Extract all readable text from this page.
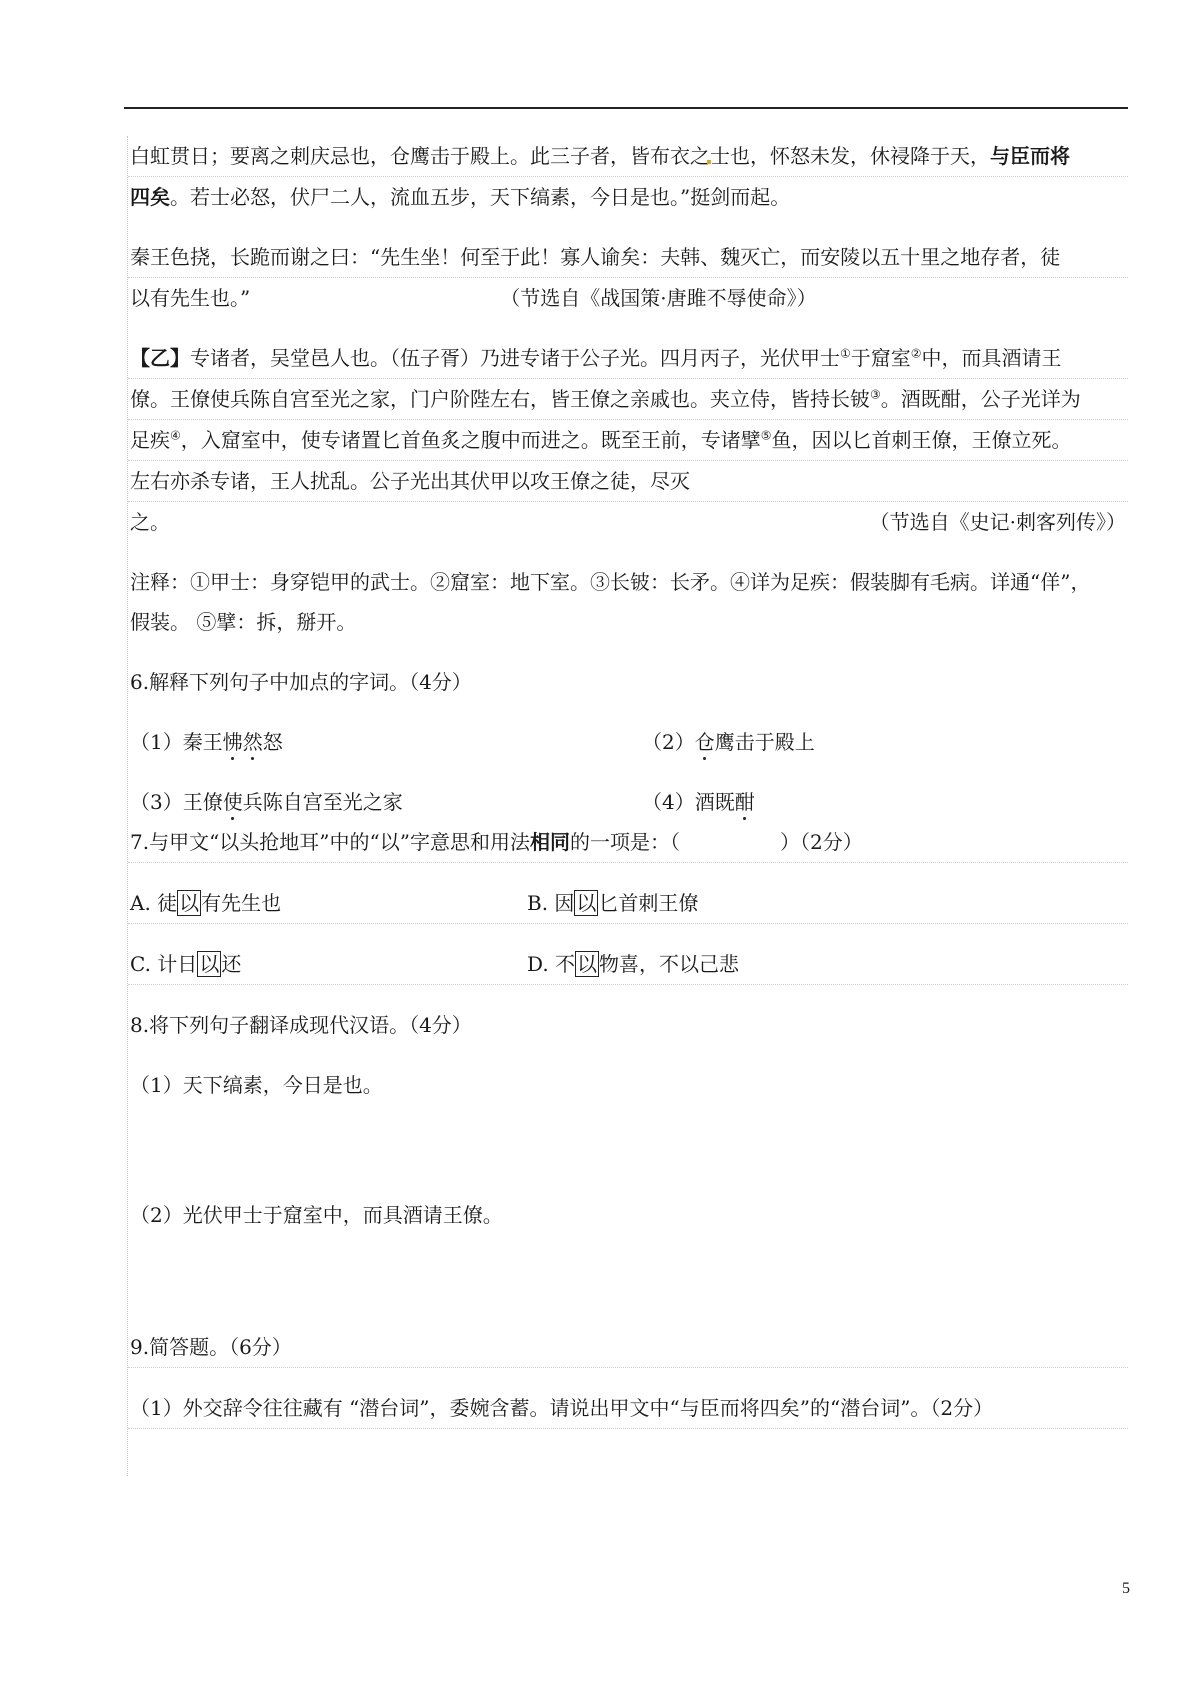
白虹贯日；要离之刺庆忌也，仓鹰击于殿上。此三子者，皆布衣之士也，怀怒未发，休祲降于天，与臣而将

四矣。若士必怒，伏尸二人，流血五步，天下缟素，今日是也。”挺剑而起。

秦王色挠，长跪而谢之曰：“先生坐！何至于此！寡人谕矣：夫韩、魏灭亡，而安陵以五十里之地存者，徒

以有先生也。”	（节选自《战国策·唐雎不辱使命》）

【乙】专诸者，吴堂邑人也。（伍子胥）乃进专诸于公子光。四月丙子，光伏甲士①于窟室②中，而具酒请王

僚。王僚使兵陈自宫至光之家，门户阶陛左右，皆王僚之亲戚也。夹立侍，皆持长铍③。酒既酣，公子光详为

足疾④，入窟室中，使专诸置匕首鱼炙之腹中而进之。既至王前，专诸擘⑤鱼，因以匕首刺王僚，王僚立死。

左右亦杀专诸，王人扰乱。公子光出其伏甲以攻王僚之徒，尽灭

之。	（节选自《史记·刺客列传》）

注释：①甲士：身穿铠甲的武士。②窟室：地下室。③长铍：长矛。④详为足疾：假装脚有毛病。详通“佯”，

假装。 ⑤擘：拆，掰开。

6.解释下列句子中加点的字词。（4分）

（1）秦王怫然怒	（2）仓鹰击于殿上

（3）王僚使兵陈自宫至光之家	（4）酒既酣

7.与甲文“以头抢地耳”中的“以”字意思和用法相同的一项是：（　　　　　）（2分）

A. 徒 以 有先生也	B. 因 以 匕首刺王僚

C. 计日 以 还	D. 不 以 物喜，不以己悲

8.将下列句子翻译成现代汉语。（4分）

（1）天下缟素，今日是也。

（2）光伏甲士于窟室中，而具酒请王僚。

9.简答题。（6分）

（1）外交辞令往往藏有 “潜台词”，委婉含蓄。请说出甲文中“与臣而将四矣”的“潜台词”。（2分）

5
